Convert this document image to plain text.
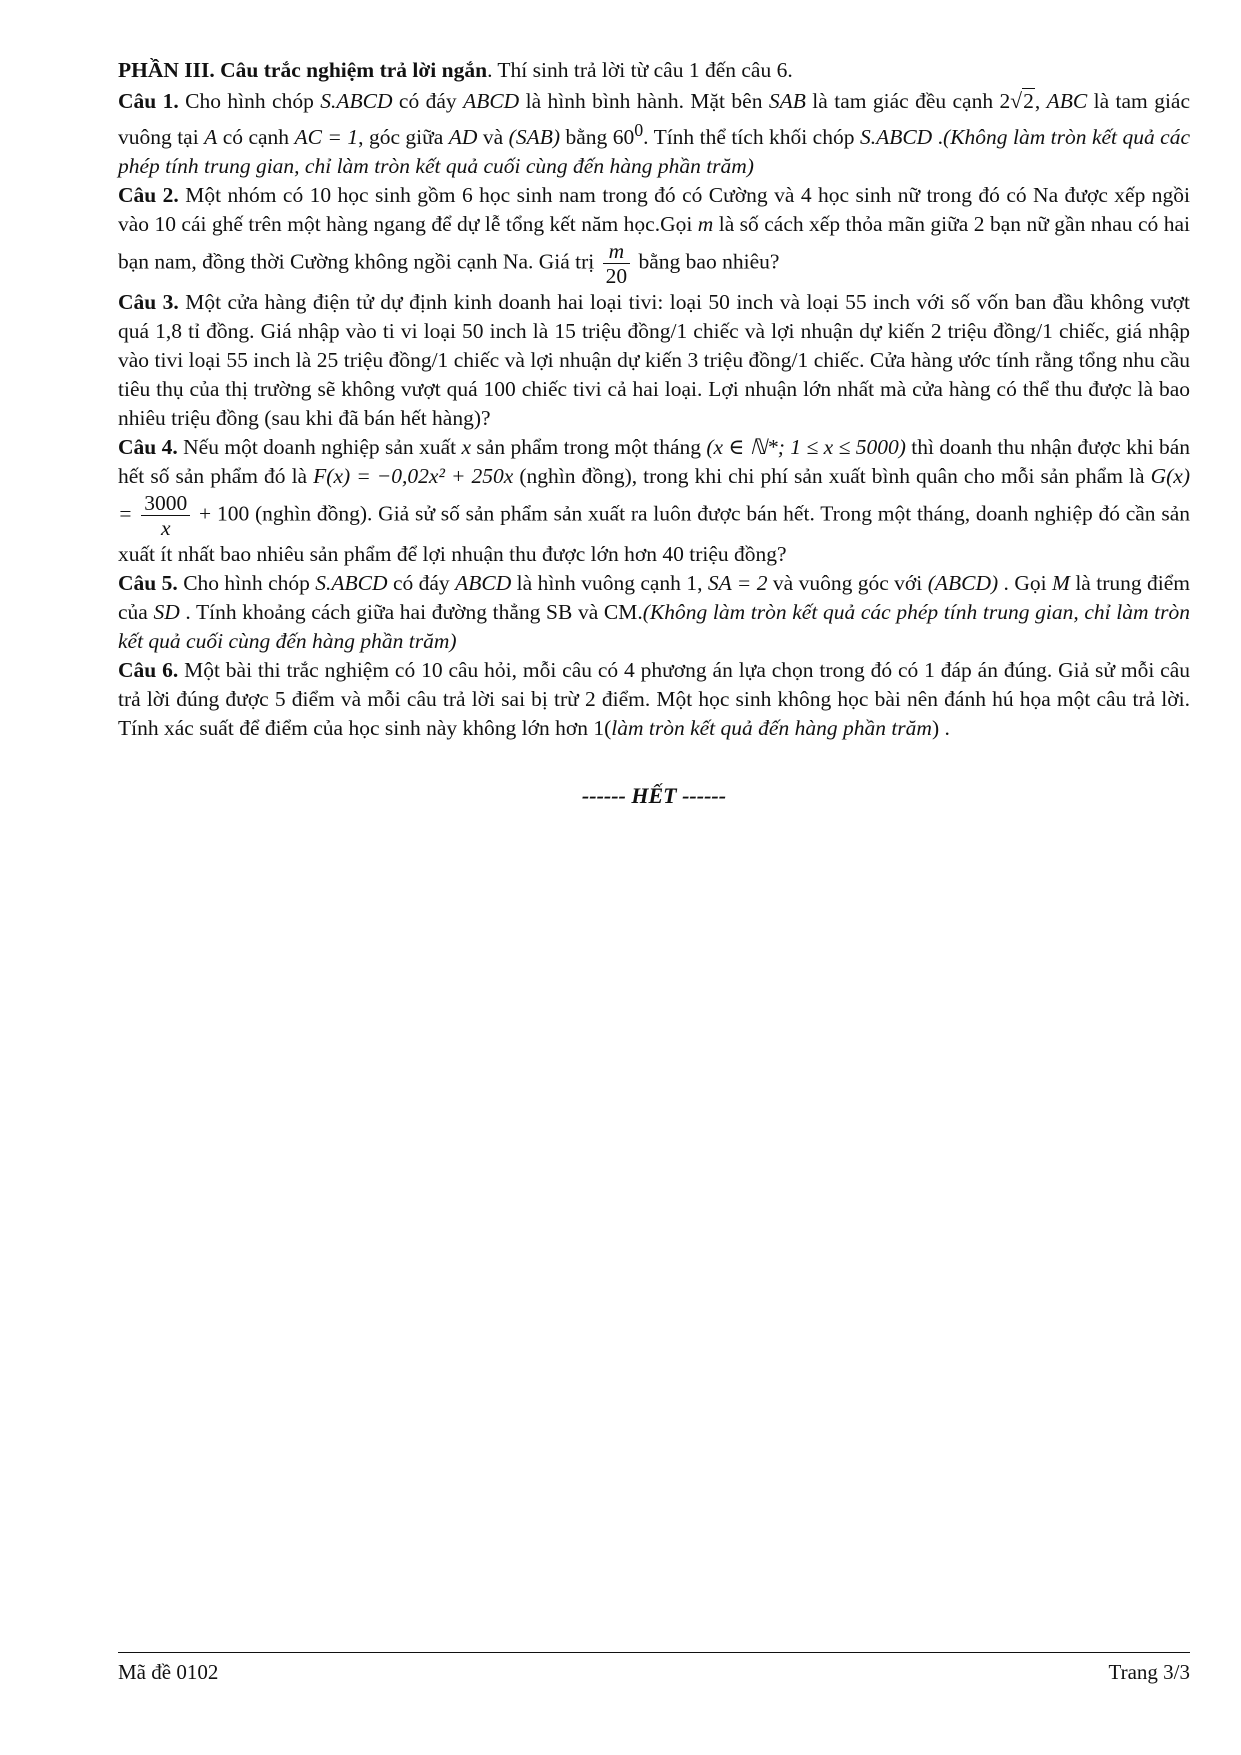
PHẦN III. Câu trắc nghiệm trả lời ngắn. Thí sinh trả lời từ câu 1 đến câu 6.

Câu 1. Cho hình chóp S.ABCD có đáy ABCD là hình bình hành. Mặt bên SAB là tam giác đều cạnh 2√2, ABC là tam giác vuông tại A có cạnh AC = 1, góc giữa AD và (SAB) bằng $60^0$. Tính thể tích khối chóp S.ABCD .(Không làm tròn kết quả các phép tính trung gian, chỉ làm tròn kết quả cuối cùng đến hàng phần trăm)

Câu 2. Một nhóm có 10 học sinh gồm 6 học sinh nam trong đó có Cường và 4 học sinh nữ trong đó có Na được xếp ngồi vào 10 cái ghế trên một hàng ngang để dự lễ tổng kết năm học.Gọi m là số cách xếp thỏa mãn giữa 2 bạn nữ gần nhau có hai bạn nam, đồng thời Cường không ngồi cạnh Na. Giá trị $\frac{m}{20}$ bằng bao nhiêu?

Câu 3. Một cửa hàng điện tử dự định kinh doanh hai loại tivi: loại 50 inch và loại 55 inch với số vốn ban đầu không vượt quá 1,8 tỉ đồng. Giá nhập vào ti vi loại 50 inch là 15 triệu đồng/1 chiếc và lợi nhuận dự kiến 2 triệu đồng/1 chiếc, giá nhập vào tivi loại 55 inch là 25 triệu đồng/1 chiếc và lợi nhuận dự kiến 3 triệu đồng/1 chiếc. Cửa hàng ước tính rằng tổng nhu cầu tiêu thụ của thị trường sẽ không vượt quá 100 chiếc tivi cả hai loại. Lợi nhuận lớn nhất mà cửa hàng có thể thu được là bao nhiêu triệu đồng (sau khi đã bán hết hàng)?

Câu 4. Nếu một doanh nghiệp sản xuất x sản phẩm trong một tháng (x ∈ ℕ*; 1 ≤ x ≤ 5000) thì doanh thu nhận được khi bán hết số sản phẩm đó là F(x) = −0,02x² + 250x (nghìn đồng), trong khi chi phí sản xuất bình quân cho mỗi sản phẩm là $G(x) = \frac{3000}{x} + 100$ (nghìn đồng). Giả sử số sản phẩm sản xuất ra luôn được bán hết. Trong một tháng, doanh nghiệp đó cần sản xuất ít nhất bao nhiêu sản phẩm để lợi nhuận thu được lớn hơn 40 triệu đồng?

Câu 5. Cho hình chóp S.ABCD có đáy ABCD là hình vuông cạnh 1, SA = 2 và vuông góc với (ABCD) . Gọi M là trung điểm của SD . Tính khoảng cách giữa hai đường thẳng SB và CM.(Không làm tròn kết quả các phép tính trung gian, chỉ làm tròn kết quả cuối cùng đến hàng phần trăm)

Câu 6. Một bài thi trắc nghiệm có 10 câu hỏi, mỗi câu có 4 phương án lựa chọn trong đó có 1 đáp án đúng. Giả sử mỗi câu trả lời đúng được 5 điểm và mỗi câu trả lời sai bị trừ 2 điểm. Một học sinh không học bài nên đánh hú họa một câu trả lời. Tính xác suất để điểm của học sinh này không lớn hơn 1(làm tròn kết quả đến hàng phần trăm) .

------ HẾT ------
Mã đề 0102	Trang 3/3
